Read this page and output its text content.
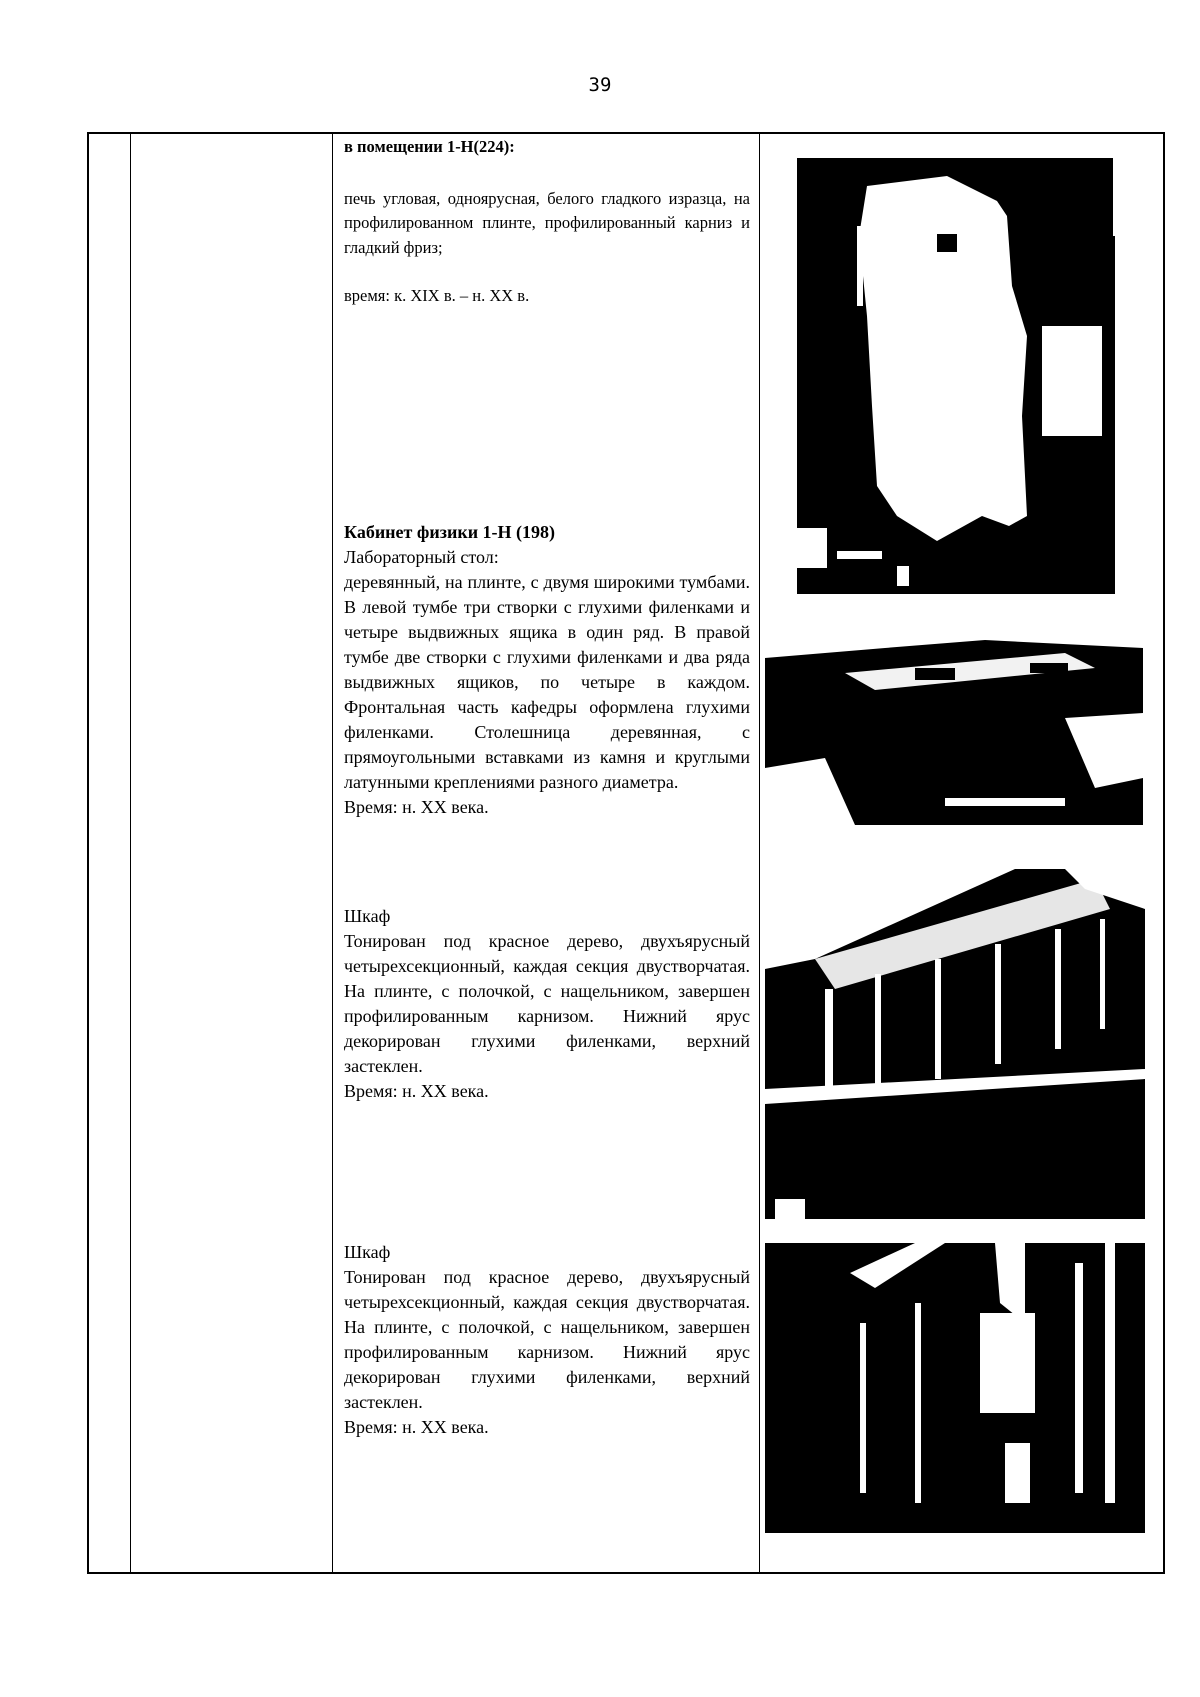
39

в помещении 1-Н(224):

печь угловая, одноярусная, белого гладкого изразца, на профилированном плинте, профилированный карниз и гладкий фриз;

время: к. XIX в. – н. XX в.

Кабинет физики 1-Н (198)

Лабораторный стол:

деревянный, на плинте, с двумя широкими тумбами. В левой тумбе три створки с глухими филенками и четыре выдвижных ящика в один ряд. В правой тумбе две створки с глухими филенками и два ряда выдвижных ящиков, по четыре в каждом. Фронтальная часть кафедры оформлена глухими филенками. Столешница деревянная, с прямоугольными вставками из камня и круглыми латунными креплениями разного диаметра.

Время: н. XX века.

Шкаф

Тонирован под красное дерево, двухъярусный четырехсекционный, каждая секция двустворчатая. На плинте, с полочкой, с нащельником, завершен профилированным карнизом. Нижний ярус декорирован глухими филенками, верхний застеклен.

Время: н. XX века.

Шкаф

Тонирован под красное дерево, двухъярусный четырехсекционный, каждая секция двустворчатая. На плинте, с полочкой, с нащельником, завершен профилированным карнизом. Нижний ярус декорирован глухими филенками, верхний застеклен.

Время: н. XX века.
